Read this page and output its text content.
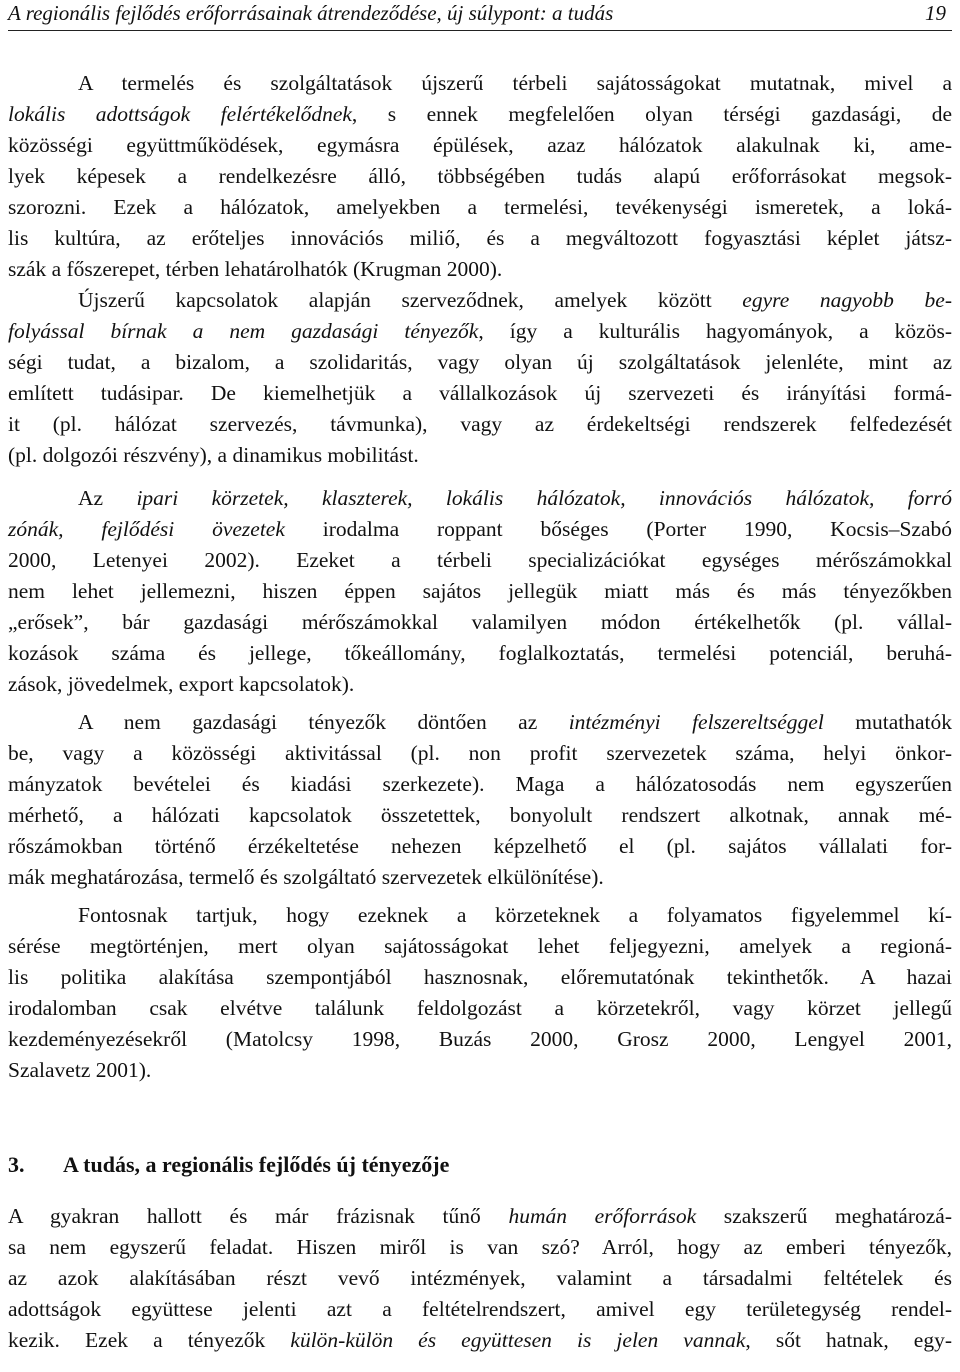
A regionális fejlődés erőforrásainak átrendeződése, új súlypont: a tudás	19
A termelés és szolgáltatások újszerű térbeli sajátosságokat mutatnak, mivel a
lokális adottságok felértékelődnek, s ennek megfelelően olyan térségi gazdasági, de
közösségi együttműködések, egymásra épülések, azaz hálózatok alakulnak ki, ame-
lyek képesek a rendelkezésre álló, többségében tudás alapú erőforrásokat megsok-
szorozni. Ezek a hálózatok, amelyekben a termelési, tevékenységi ismeretek, a loká-
lis kultúra, az erőteljes innovációs miliő, és a megváltozott fogyasztási képlet játsz-
szák a főszerepet, térben lehatárolhatók (Krugman 2000).
Újszerű kapcsolatok alapján szerveződnek, amelyek között egyre nagyobb be-
folyással bírnak a nem gazdasági tényezők, így a kulturális hagyományok, a közös-
ségi tudat, a bizalom, a szolidaritás, vagy olyan új szolgáltatások jelenléte, mint az
említett tudásipar. De kiemelhetjük a vállalkozások új szervezeti és irányítási formá-
it (pl. hálózat szervezés, távmunka), vagy az érdekeltségi rendszerek felfedezését
(pl. dolgozói részvény), a dinamikus mobilitást.
Az ipari körzetek, klaszterek, lokális hálózatok, innovációs hálózatok, forró
zónák, fejlődési övezetek irodalma roppant bőséges (Porter 1990, Kocsis–Szabó
2000, Letenyei 2002). Ezeket a térbeli specializációkat egységes mérőszámokkal
nem lehet jellemezni, hiszen éppen sajátos jellegük miatt más és más tényezőkben
„erősek”, bár gazdasági mérőszámokkal valamilyen módon értékelhetők (pl. vállal-
kozások száma és jellege, tőkeállomány, foglalkoztatás, termelési potenciál, beruhá-
zások, jövedelmek, export kapcsolatok).
A nem gazdasági tényezők döntően az intézményi felszereltséggel mutathatók
be, vagy a közösségi aktivitással (pl. non profit szervezetek száma, helyi önkor-
mányzatok bevételei és kiadási szerkezete). Maga a hálózatosodás nem egyszerűen
mérhető, a hálózati kapcsolatok összetettek, bonyolult rendszert alkotnak, annak mé-
rőszámokban történő érzékeltetése nehezen képzelhető el (pl. sajátos vállalati for-
mák meghatározása, termelő és szolgáltató szervezetek elkülönítése).
Fontosnak tartjuk, hogy ezeknek a körzeteknek a folyamatos figyelemmel kí-
sérése megtörténjen, mert olyan sajátosságokat lehet feljegyezni, amelyek a regioná-
lis politika alakítása szempontjából hasznosnak, előremutatónak tekinthetők. A hazai
irodalomban csak elvétve találunk feldolgozást a körzetekről, vagy körzet jellegű
kezdeményezésekről (Matolcsy 1998, Buzás 2000, Grosz 2000, Lengyel 2001,
Szalavetz 2001).
A gyakran hallott és már frázisnak tűnő humán erőforrások szakszerű meghatározá-
sa nem egyszerű feladat. Hiszen miről is van szó? Arról, hogy az emberi tényezők,
az azok alakításában részt vevő intézmények, valamint a társadalmi feltételek és
adottságok együttese jelenti azt a feltételrendszert, amivel egy területegység rendel-
kezik. Ezek a tényezők külön-külön és együttesen is jelen vannak, sőt hatnak, egy-
3. A tudás, a regionális fejlődés új tényezője
